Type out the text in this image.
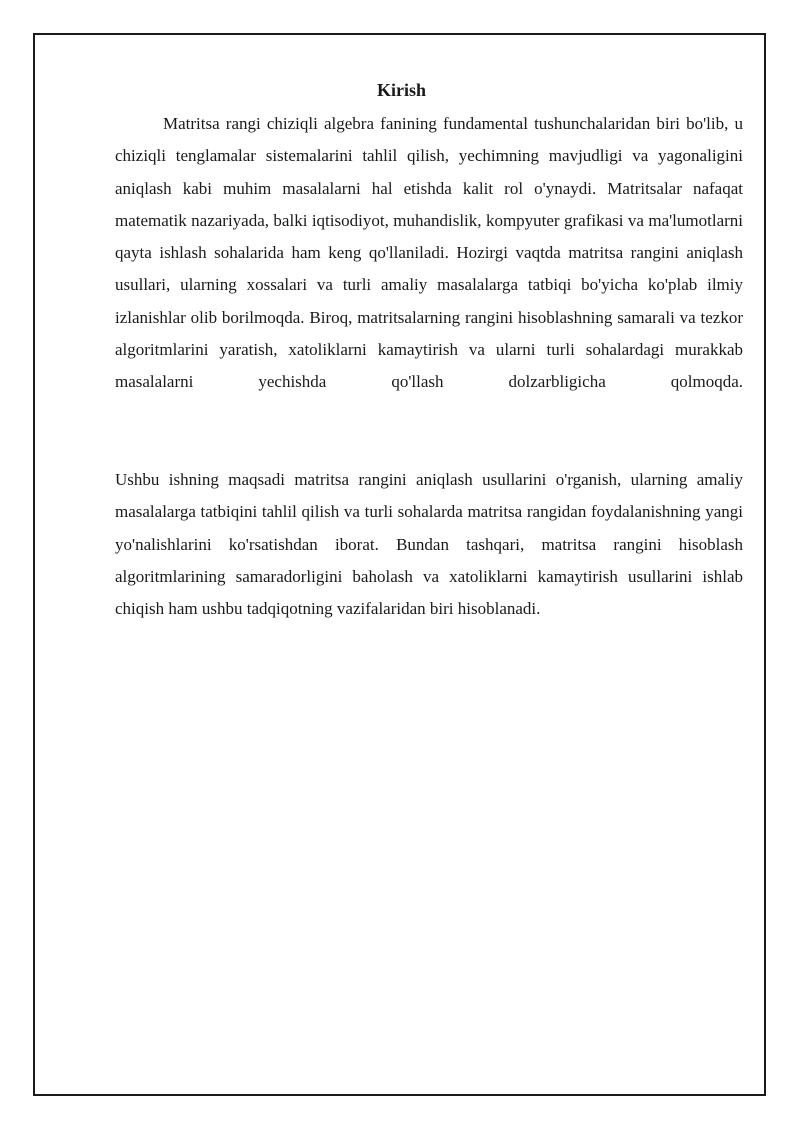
Kirish

Matritsa rangi chiziqli algebra fanining fundamental tushunchalaridan biri bo'lib, u chiziqli tenglamalar sistemalarini tahlil qilish, yechimning mavjudligi va yagonaligini aniqlash kabi muhim masalalarni hal etishda kalit rol o'ynaydi. Matritsalar nafaqat matematik nazariyada, balki iqtisodiyot, muhandislik, kompyuter grafikasi va ma'lumotlarni qayta ishlash sohalarida ham keng qo'llaniladi. Hozirgi vaqtda matritsa rangini aniqlash usullari, ularning xossalari va turli amaliy masalalarga tatbiqi bo'yicha ko'plab ilmiy izlanishlar olib borilmoqda. Biroq, matritsalarning rangini hisoblashning samarali va tezkor algoritmlarini yaratish, xatoliklarni kamaytirish va ularni turli sohalardagi murakkab masalalarni yechishda qo'llash dolzarbligicha qolmoqda.

Ushbu ishning maqsadi matritsa rangini aniqlash usullarini o'rganish, ularning amaliy masalalarga tatbiqini tahlil qilish va turli sohalarda matritsa rangidan foydalanishning yangi yo'nalishlarini ko'rsatishdan iborat. Bundan tashqari, matritsa rangini hisoblash algoritmlarining samaradorligini baholash va xatoliklarni kamaytirish usullarini ishlab chiqish ham ushbu tadqiqotning vazifalaridan biri hisoblanadi.
